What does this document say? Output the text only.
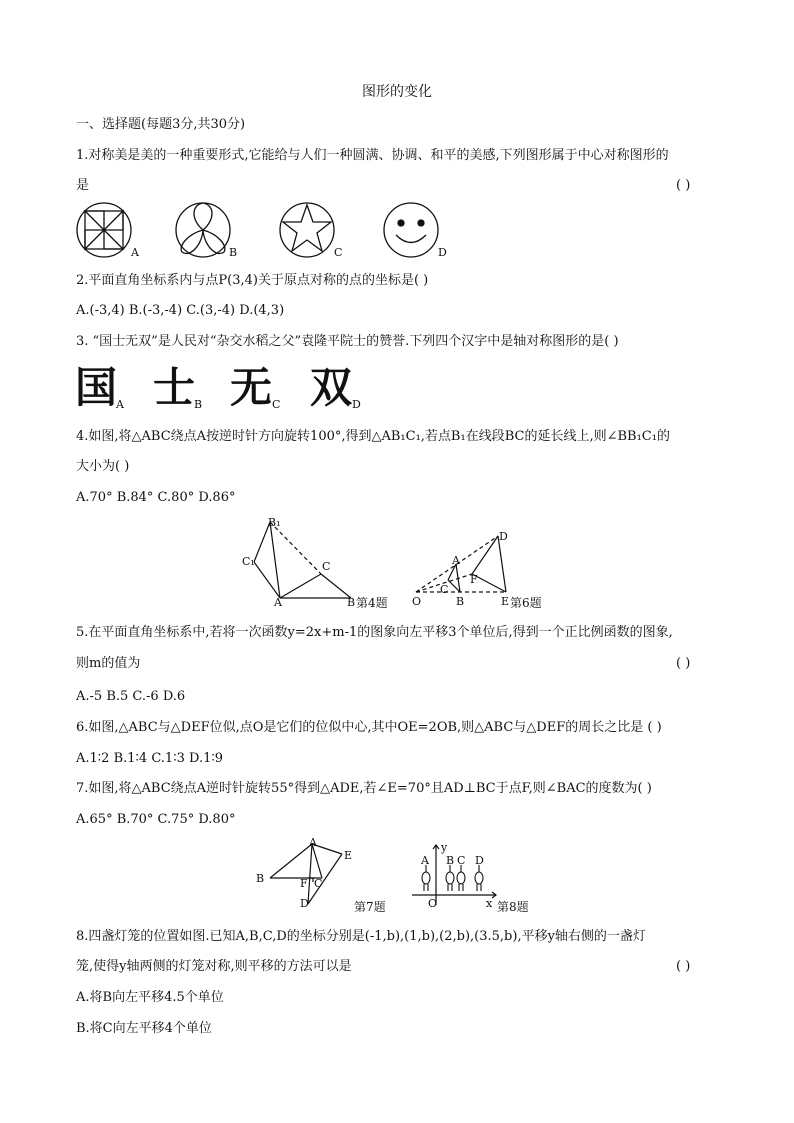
图形的变化
一、选择题(每题3分,共30分)
1.对称美是美的一种重要形式,它能给与人们一种圆满、协调、和平的美感,下列图形属于中心对称图形的
是	( )
A	B	C	D
2.平面直角坐标系内与点P(3,4)关于原点对称的点的坐标是( )
A.(-3,4) B.(-3,-4) C.(3,-4) D.(4,3)
3. “国士无双”是人民对“杂交水稻之父”袁隆平院士的赞誉.下列四个汉字中是轴对称图形的是( )
国
A 士
B 无 C 双 D
4.如图,将△ABC绕点A按逆时针方向旋转100°,得到△AB₁C₁,若点B₁在线段BC的延长线上,则∠BB₁C₁的
大小为( )
A.70° B.84° C.80° D.86°
B₁
C₁	C
A	B 第4题
D
A
F
C
O	B	E 第6题
5.在平面直角坐标系中,若将一次函数y=2x+m-1的图象向左平移3个单位后,得到一个正比例函数的图象,
则m的值为	( )
A.-5 B.5 C.-6 D.6
6.如图,△ABC与△DEF位似,点O是它们的位似中心,其中OE=2OB,则△ABC与△DEF的周长之比是 ( )
A.1∶2 B.1∶4 C.1∶3 D.1∶9
7.如图,将△ABC绕点A逆时针旋转55°得到△ADE,若∠E=70°且AD⊥BC于点F,则∠BAC的度数为( )
A.65° B.70° C.75° D.80°
A
E
B	F C
D	第7题
y
A B C D
O	x 第8题
8.四盏灯笼的位置如图.已知A,B,C,D的坐标分别是(-1,b),(1,b),(2,b),(3.5,b),平移y轴右侧的一盏灯
笼,使得y轴两侧的灯笼对称,则平移的方法可以是	( )
A.将B向左平移4.5个单位
B.将C向左平移4个单位
